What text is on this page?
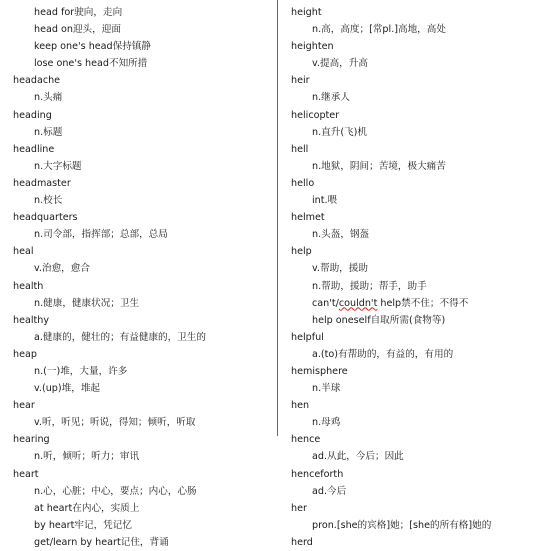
head for驶向，走向
head on迎头，迎面
keep one's head保持镇静
lose one's head不知所措
headache
n.头痛
heading
n.标题
headline
n.大字标题
headmaster
n.校长
headquarters
n.司令部，指挥部；总部，总局
heal
v.治愈，愈合
health
n.健康，健康状况；卫生
healthy
a.健康的，健壮的；有益健康的，卫生的
heap
n.(一)堆，大量，许多
v.(up)堆，堆起
hear
v.听，听见；听说，得知；倾听，听取
hearing
n.听，倾听；听力；审讯
heart
n.心，心脏；中心，要点；内心，心肠
at heart在内心，实质上
by heart牢记，凭记忆
get/learn by heart记住，背诵
height
n.高，高度；[常pl.]高地，高处
heighten
v.提高，升高
heir
n.继承人
helicopter
n.直升(飞)机
hell
n.地狱，阴间；苦境，极大痛苦
hello
int.喂
helmet
n.头盔，钢盔
help
v.帮助，援助
n.帮助，援助；帮手，助手
can't/couldn't help禁不住；不得不
help oneself自取所需(食物等)
helpful
a.(to)有帮助的，有益的，有用的
hemisphere
n.半球
hen
n.母鸡
hence
ad.从此，今后；因此
henceforth
ad.今后
her
pron.[she的宾格]她；[she的所有格]她的
herd
